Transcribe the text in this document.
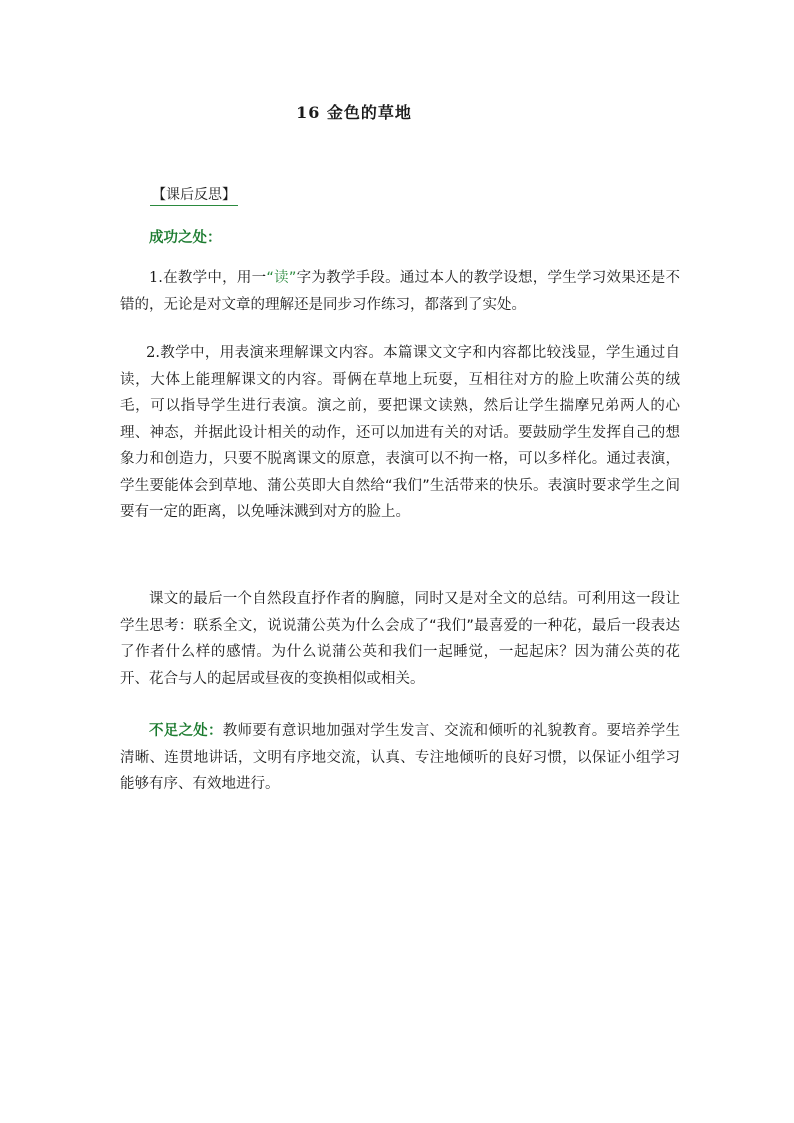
16 金色的草地
【课后反思】

成功之处：

1.在教学中，用一“读”字为教学手段。通过本人的教学设想，学生学习效果还是不错的，无论是对文章的理解还是同步习作练习，都落到了实处。

2.教学中，用表演来理解课文内容。本篇课文文字和内容都比较浅显，学生通过自读，大体上能理解课文的内容。哥俩在草地上玩耍，互相往对方的脸上吹蒲公英的绒毛，可以指导学生进行表演。演之前，要把课文读熟，然后让学生揣摩兄弟两人的心理、神态，并据此设计相关的动作，还可以加进有关的对话。要鼓励学生发挥自己的想象力和创造力，只要不脱离课文的原意，表演可以不拘一格，可以多样化。通过表演，学生要能体会到草地、蒲公英即大自然给“我们”生活带来的快乐。表演时要求学生之间要有一定的距离，以免唾沫溅到对方的脸上。

课文的最后一个自然段直抒作者的胸臆，同时又是对全文的总结。可利用这一段让学生思考：联系全文，说说蒲公英为什么会成了“我们”最喜爱的一种花，最后一段表达了作者什么样的感情。为什么说蒲公英和我们一起睡觉，一起起床？因为蒲公英的花开、花合与人的起居或昼夜的变换相似或相关。

不足之处：教师要有意识地加强对学生发言、交流和倾听的礼貌教育。要培养学生清晰、连贯地讲话，文明有序地交流，认真、专注地倾听的良好习惯，以保证小组学习能够有序、有效地进行。
